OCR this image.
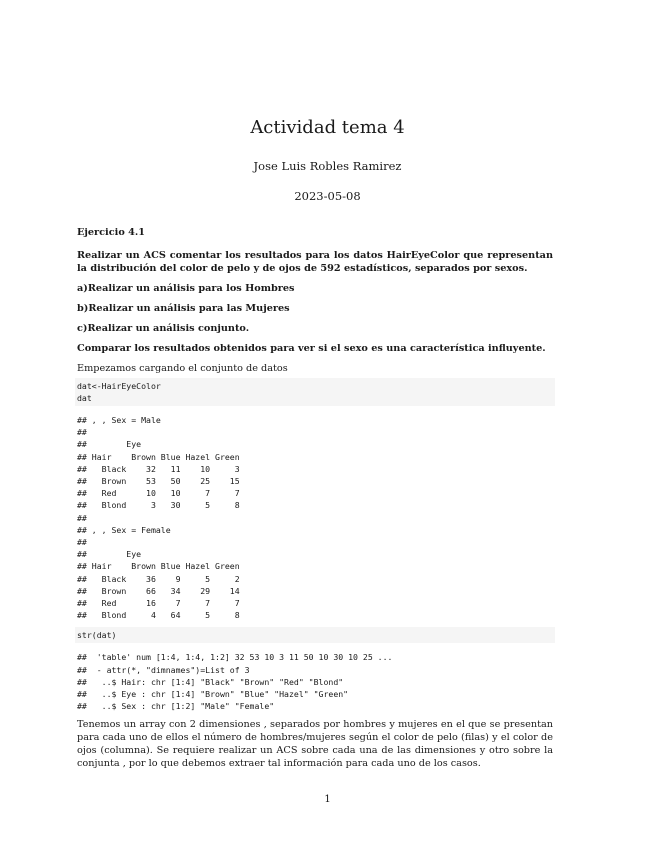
Actividad tema 4
Jose Luis Robles Ramirez
2023-05-08
Ejercicio 4.1
Realizar un ACS comentar los resultados para los datos HairEyeColor que representan la distribución del color de pelo y de ojos de 592 estadísticos, separados por sexos.
a)Realizar un análisis para los Hombres
b)Realizar un análisis para las Mujeres
c)Realizar un análisis conjunto.
Comparar los resultados obtenidos para ver si el sexo es una característica influyente.
Empezamos cargando el conjunto de datos
dat<-HairEyeColor
dat
## , , Sex = Male
##
##        Eye
## Hair    Brown Blue Hazel Green
##   Black    32   11    10     3
##   Brown    53   50    25    15
##   Red      10   10     7     7
##   Blond     3   30     5     8
##
## , , Sex = Female
##
##        Eye
## Hair    Brown Blue Hazel Green
##   Black    36    9     5     2
##   Brown    66   34    29    14
##   Red      16    7     7     7
##   Blond     4   64     5     8
str(dat)
##  'table' num [1:4, 1:4, 1:2] 32 53 10 3 11 50 10 30 10 25 ...
##  - attr(*, "dimnames")=List of 3
##   ..$ Hair: chr [1:4] "Black" "Brown" "Red" "Blond"
##   ..$ Eye : chr [1:4] "Brown" "Blue" "Hazel" "Green"
##   ..$ Sex : chr [1:2] "Male" "Female"
Tenemos un array con 2 dimensiones , separados por hombres y mujeres en el que se presentan para cada uno de ellos el número de hombres/mujeres según el color de pelo (filas) y el color de ojos (columna). Se requiere realizar un ACS sobre cada una de las dimensiones y otro sobre la conjunta , por lo que debemos extraer tal información para cada uno de los casos.
1
